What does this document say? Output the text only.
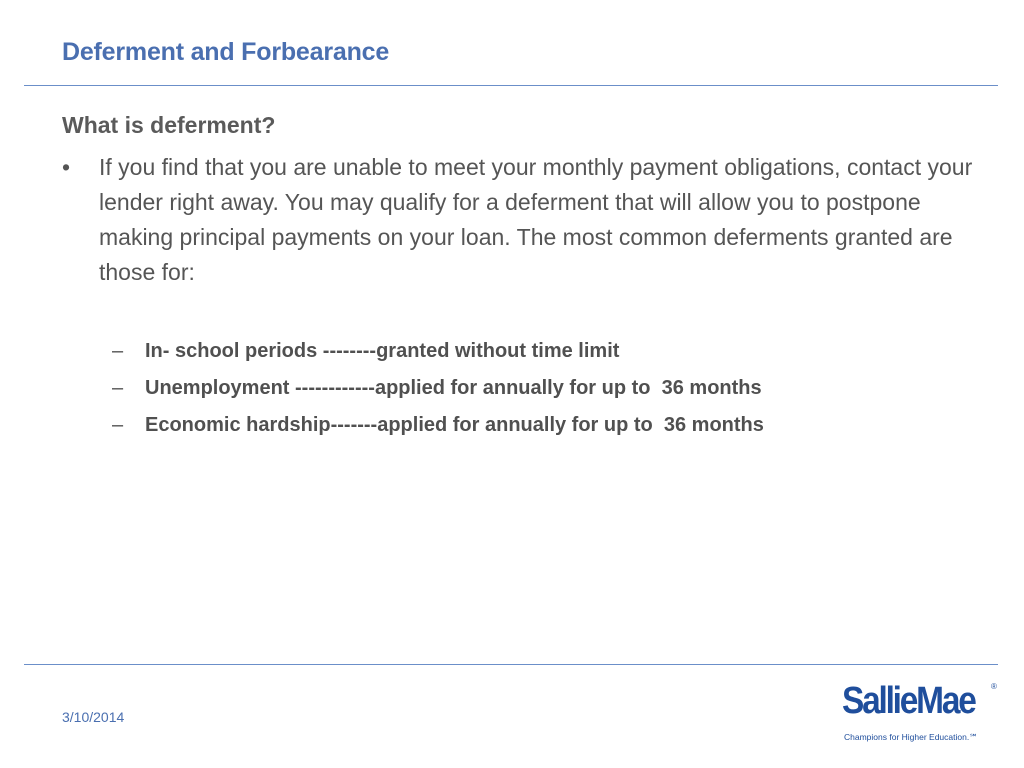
Deferment and Forbearance
What is deferment?
•	If you find that you are unable to meet your monthly payment obligations, contact your lender right away. You may qualify for a deferment that will allow you to postpone making principal payments on your loan. The most common deferments granted are those for:
–	In- school periods --------granted without time limit
–	Unemployment ------------applied for annually for up to  36 months
–	Economic hardship-------applied for annually for up to  36 months
3/10/2014	SallieMae ®
Champions for Higher Education.℠
